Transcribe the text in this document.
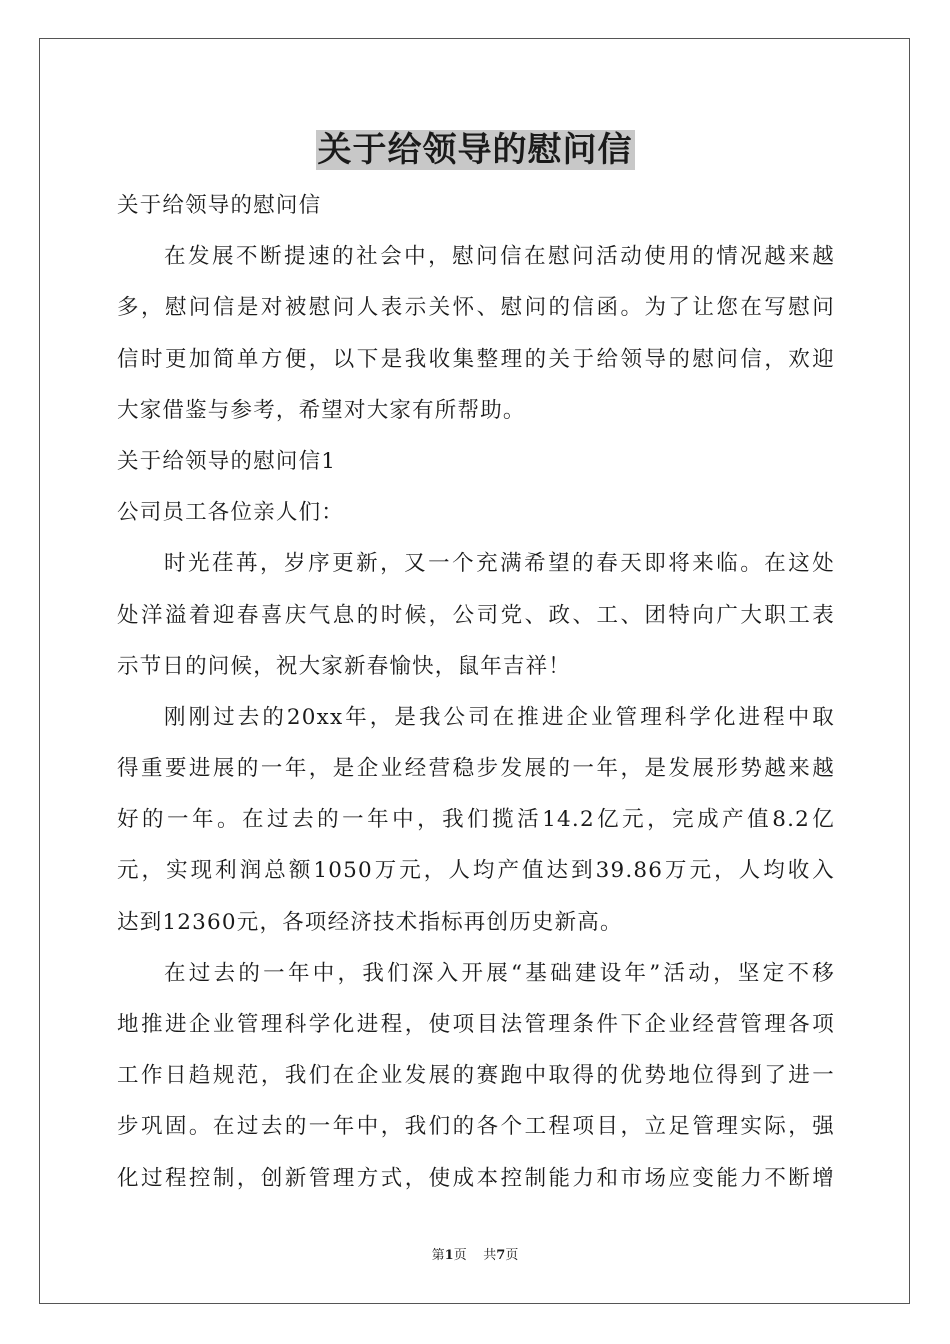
关于给领导的慰问信
关于给领导的慰问信
在发展不断提速的社会中，慰问信在慰问活动使用的情况越来越
多，慰问信是对被慰问人表示关怀、慰问的信函。为了让您在写慰问
信时更加简单方便，以下是我收集整理的关于给领导的慰问信，欢迎
大家借鉴与参考，希望对大家有所帮助。
关于给领导的慰问信1
公司员工各位亲人们：
时光荏苒，岁序更新，又一个充满希望的春天即将来临。在这处
处洋溢着迎春喜庆气息的时候，公司党、政、工、团特向广大职工表
示节日的问候，祝大家新春愉快，鼠年吉祥！
刚刚过去的20xx年，是我公司在推进企业管理科学化进程中取
得重要进展的一年，是企业经营稳步发展的一年，是发展形势越来越
好的一年。在过去的一年中，我们揽活14.2亿元，完成产值8.2亿
元，实现利润总额1050万元，人均产值达到39.86万元，人均收入
达到12360元，各项经济技术指标再创历史新高。
在过去的一年中，我们深入开展“基础建设年”活动，坚定不移
地推进企业管理科学化进程，使项目法管理条件下企业经营管理各项
工作日趋规范，我们在企业发展的赛跑中取得的优势地位得到了进一
步巩固。在过去的一年中，我们的各个工程项目，立足管理实际，强
化过程控制，创新管理方式，使成本控制能力和市场应变能力不断增
第1页 共7页
